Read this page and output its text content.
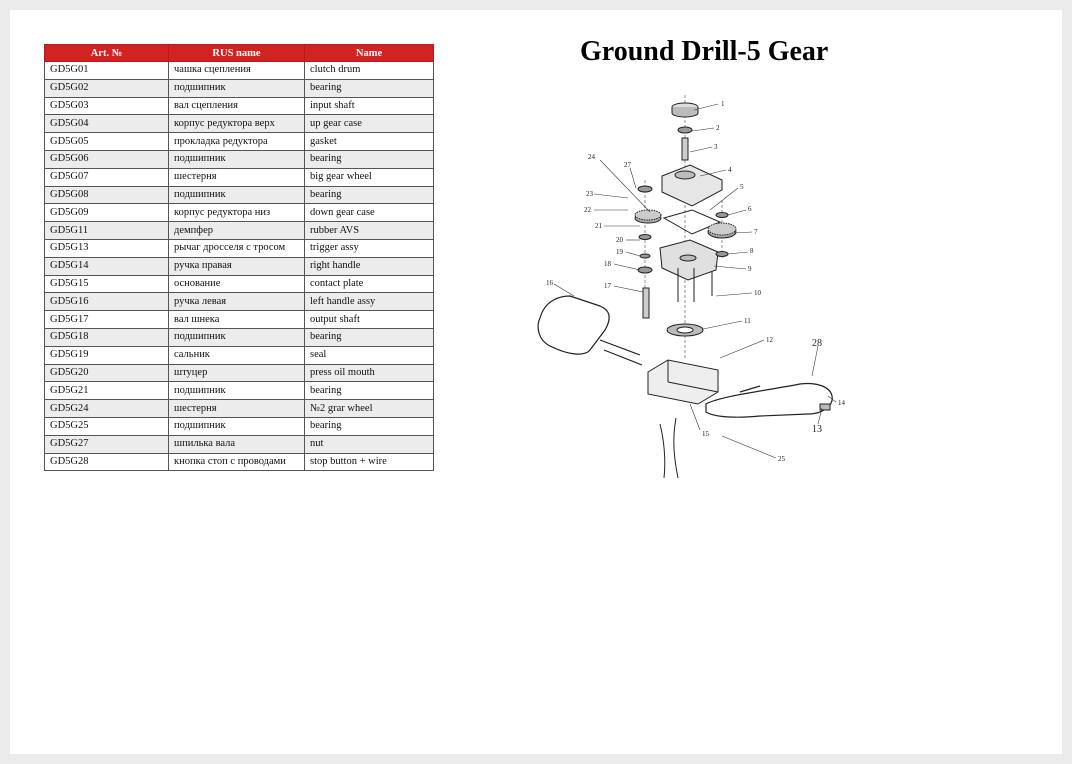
Art. №	RUS name	Name
GD5G01	чашка сцепления	clutch drum
GD5G02	подшипник	bearing
GD5G03	вал сцепления	input shaft
GD5G04	корпус редуктора верх	up gear case
GD5G05	прокладка редуктора	gasket
GD5G06	подшипник	bearing
GD5G07	шестерня	big gear wheel
GD5G08	подшипник	bearing
GD5G09	корпус редуктора низ	down gear case
GD5G11	демпфер	rubber AVS
GD5G13	рычаг дросселя с тросом	trigger assy
GD5G14	ручка правая	right handle
GD5G15	основание	contact plate
GD5G16	ручка левая	left handle assy
GD5G17	вал шнека	output shaft
GD5G18	подшипник	bearing
GD5G19	сальник	seal
GD5G20	штуцер	press oil mouth
GD5G21	подшипник	bearing
GD5G24	шестерня	№2 grar wheel
GD5G25	подшипник	bearing
GD5G27	шпилька вала	nut
GD5G28	кнопка стоп с проводами	stop button + wire
Ground Drill-5 Gear
1
2
3
4
5
6
7
8
9
10
11
12
27
24
23
22
21
20
19
18
17
16
15
25
14
28
13
